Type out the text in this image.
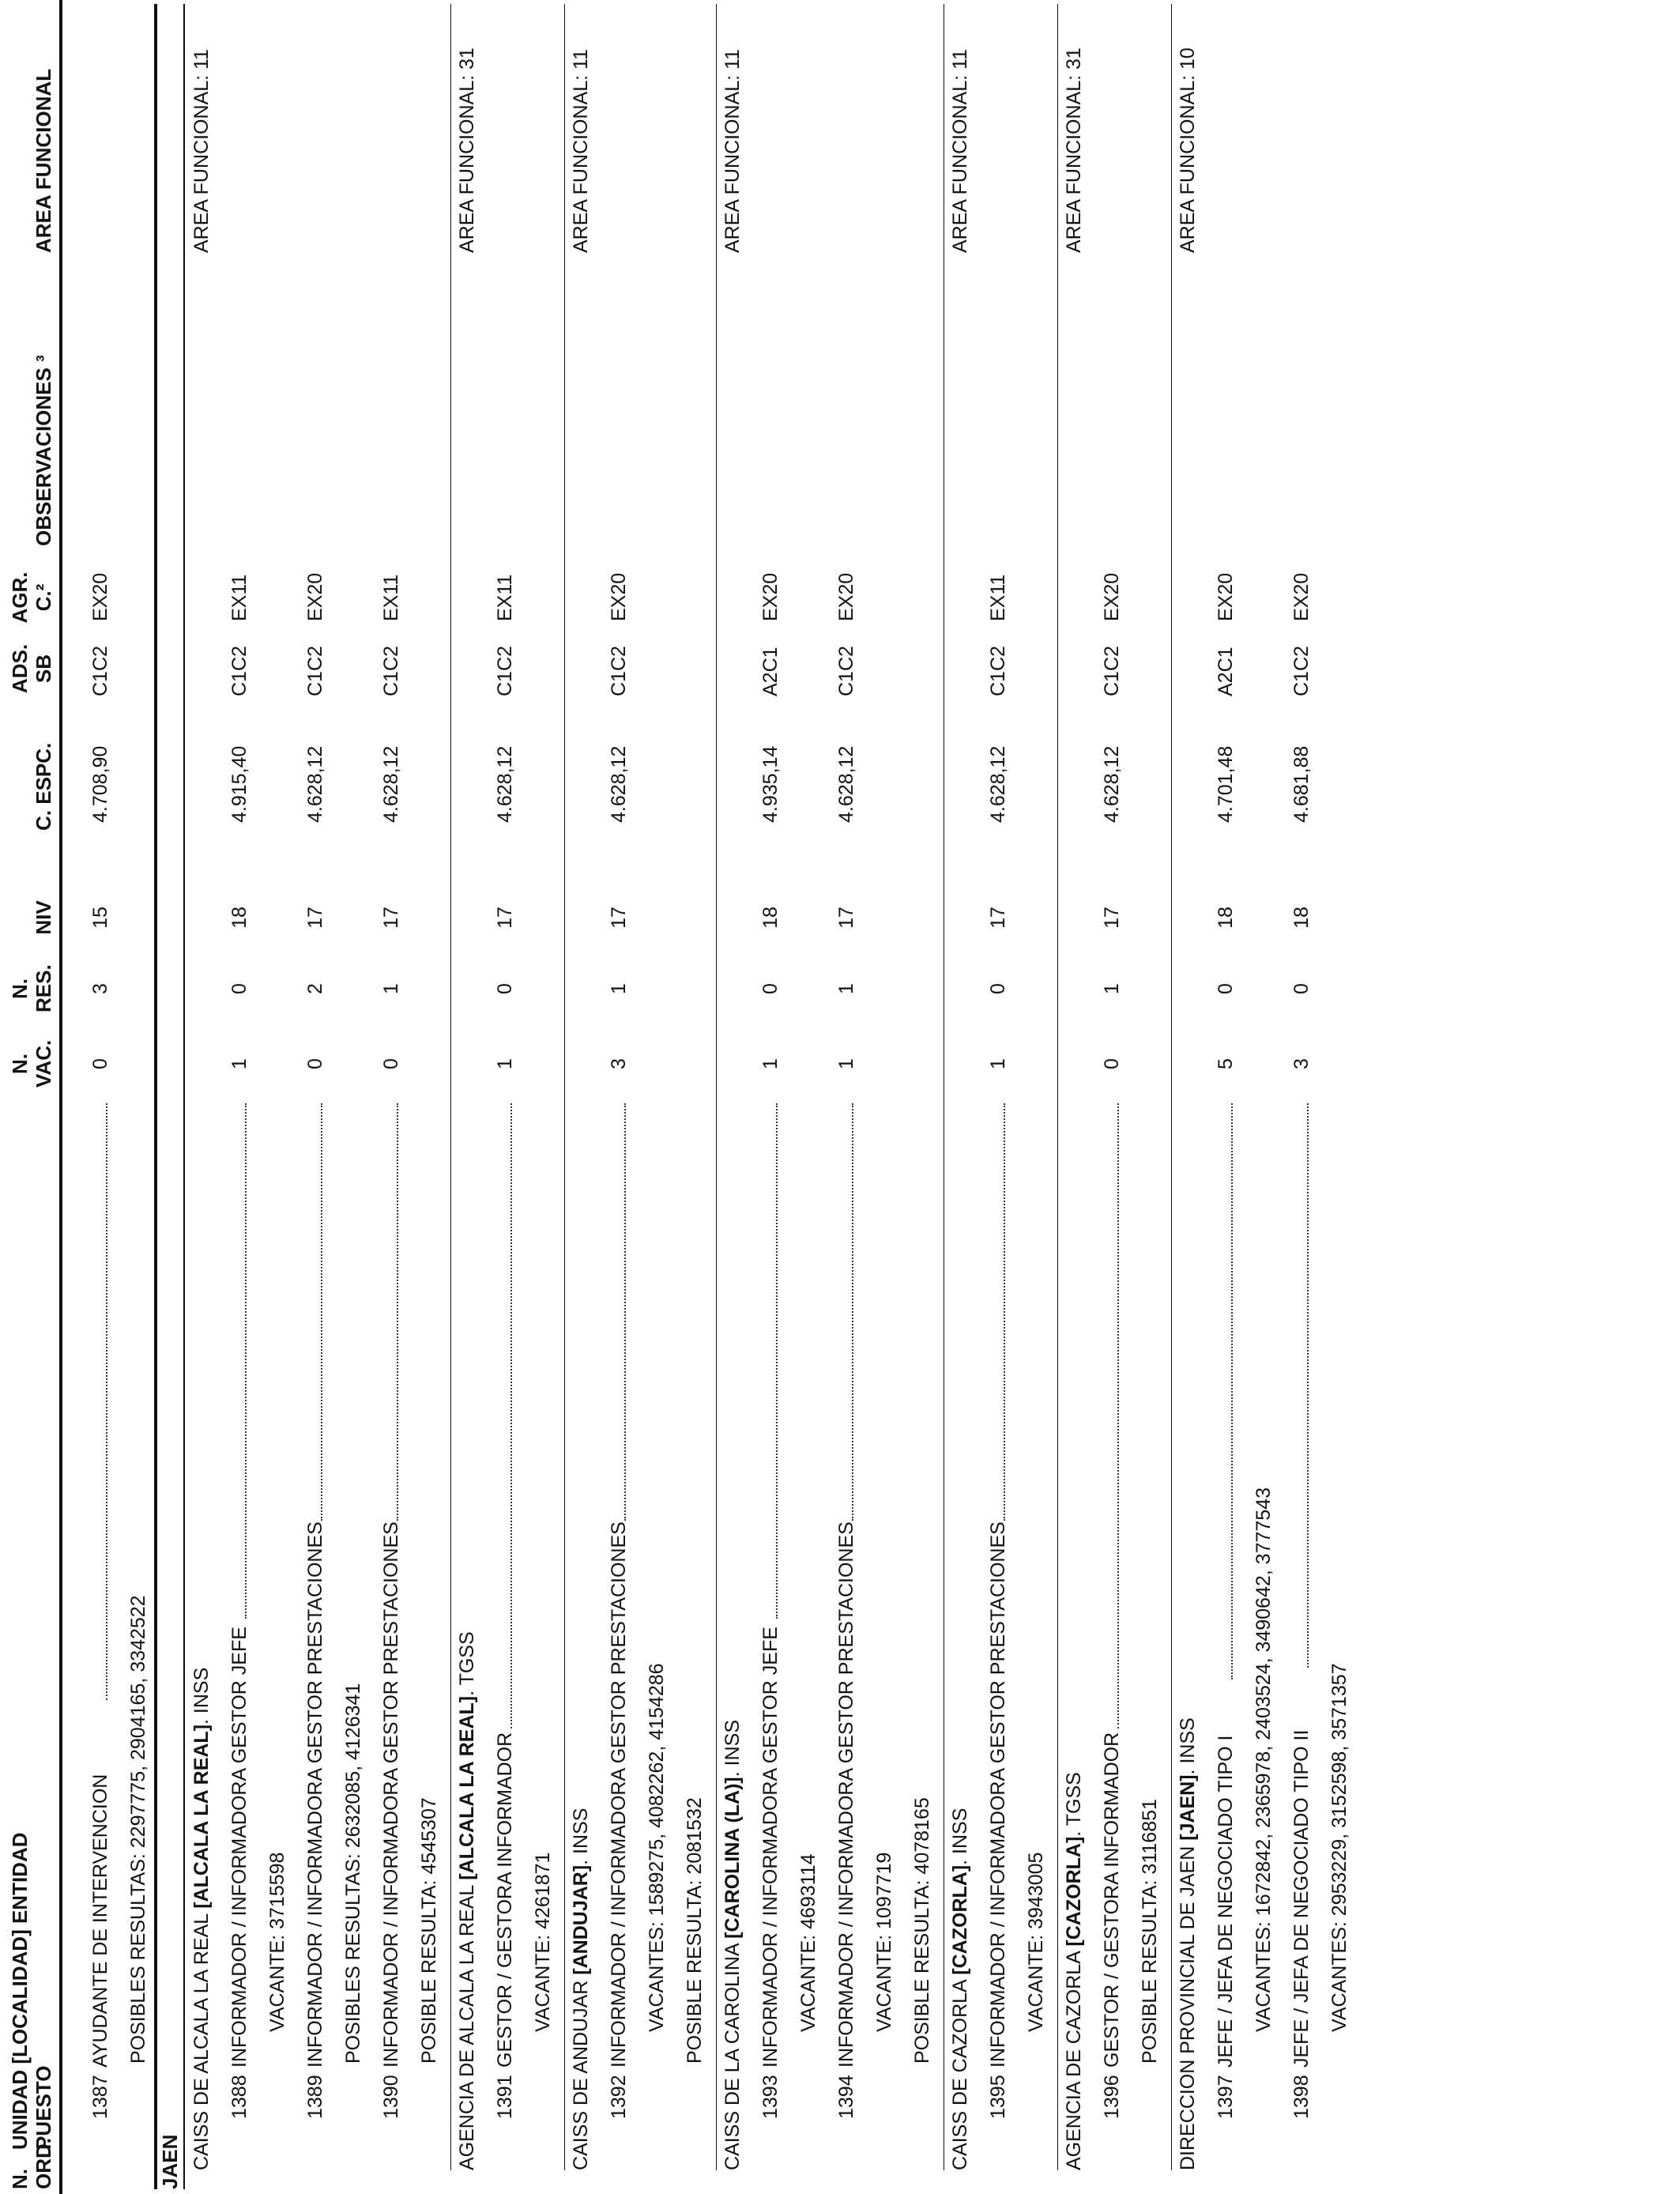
N. ORD.
UNIDAD [LOCALIDAD] ENTIDAD PUESTO
N. VAC.
N. RES.
NIV
C. ESPC.
ADS. SB
AGR. C.²
OBSERVACIONES ³
AREA FUNCIONAL
1387
AYUDANTE DE INTERVENCION
0
3
15
4.708,90
C1C2
EX20
POSIBLES RESULTAS: 2297775, 2904165, 3342522
JAEN CAISS DE ALCALA LA REAL [ALCALA LA REAL]. INSS
AREA FUNCIONAL: 11
1388
INFORMADOR / INFORMADORA GESTOR JEFE
1
0
18
4.915,40
C1C2
EX11
VACANTE: 3715598
1389
INFORMADOR / INFORMADORA GESTOR PRESTACIONES
0
2
17
4.628,12
C1C2
EX20
POSIBLES RESULTAS: 2632085, 4126341
1390
INFORMADOR / INFORMADORA GESTOR PRESTACIONES
0
1
17
4.628,12
C1C2
EX11
POSIBLE RESULTA: 4545307 AGENCIA DE ALCALA LA REAL [ALCALA LA REAL]. TGSS
AREA FUNCIONAL: 31
1391
GESTOR / GESTORA INFORMADOR
1
0
17
4.628,12
C1C2
EX11
VACANTE: 4261871
CAISS DE ANDUJAR [ANDUJAR]. INSS
AREA FUNCIONAL: 11
1392
INFORMADOR / INFORMADORA GESTOR PRESTACIONES
3
1
17
4.628,12
C1C2
EX20
VACANTES: 1589275, 4082262, 4154286 POSIBLE RESULTA: 2081532 CAISS DE LA CAROLINA [CAROLINA (LA)]. INSS
AREA FUNCIONAL: 11
1393
INFORMADOR / INFORMADORA GESTOR JEFE
1
0
18
4.935,14
A2C1
EX20
VACANTE: 4693114
1394
INFORMADOR / INFORMADORA GESTOR PRESTACIONES
1
1
17
4.628,12
C1C2
EX20
VACANTE: 1097719 POSIBLE RESULTA: 4078165
CAISS DE CAZORLA [CAZORLA]. INSS
AREA FUNCIONAL: 11
1395
INFORMADOR / INFORMADORA GESTOR PRESTACIONES
1
0
17
4.628,12
C1C2
EX11
VACANTE: 3943005
AGENCIA DE CAZORLA [CAZORLA]. TGSS
AREA FUNCIONAL: 31
1396
GESTOR / GESTORA INFORMADOR
0
1
17
4.628,12
C1C2
EX20
POSIBLE RESULTA: 3116851 DIRECCION PROVINCIAL DE JAEN [JAEN]. INSS
AREA FUNCIONAL: 10
1397
JEFE / JEFA DE NEGOCIADO TIPO I
5
0
18
4.701,48
A2C1
EX20
VACANTES: 1672842, 2365978, 2403524, 3490642, 3777543
1398
JEFE / JEFA DE NEGOCIADO TIPO II
3
0
18
4.681,88
C1C2
EX20
VACANTES: 2953229, 3152598, 3571357
